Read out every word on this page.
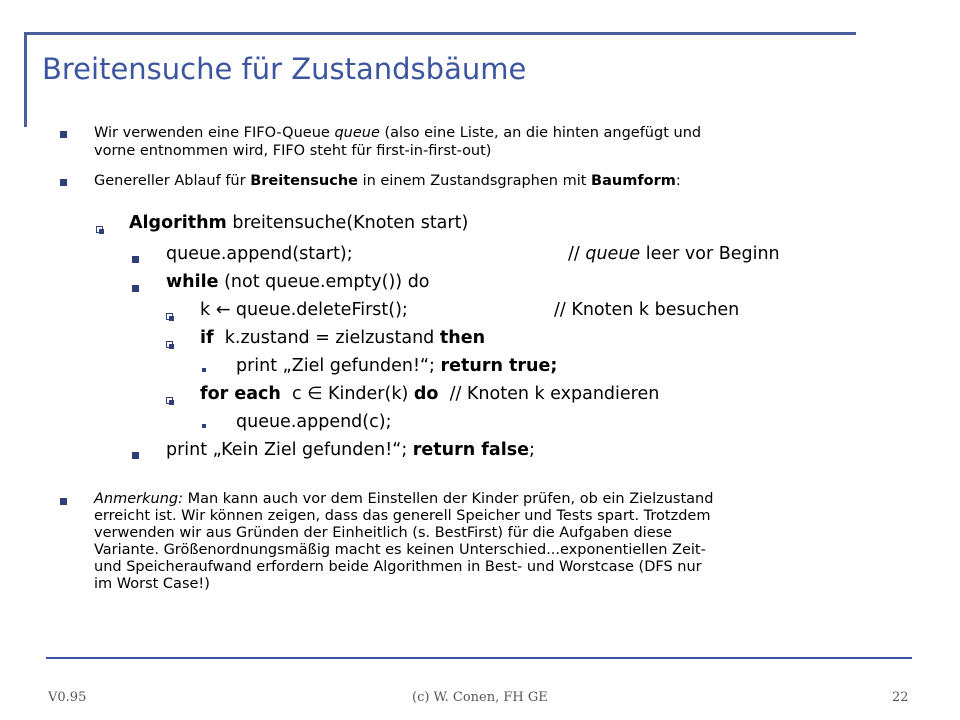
Breitensuche für Zustandsbäume
Wir verwenden eine FIFO-Queue queue (also eine Liste, an die hinten angefügt und
vorne entnommen wird, FIFO steht für first-in-first-out)
Genereller Ablauf für Breitensuche in einem Zustandsgraphen mit Baumform:
Algorithm breitensuche(Knoten start)
queue.append(start);	// queue leer vor Beginn
while (not queue.empty()) do
k ← queue.deleteFirst();	// Knoten k besuchen
if k.zustand = zielzustand then
print „Ziel gefunden!“; return true;
for each c ∈ Kinder(k) do // Knoten k expandieren
queue.append(c);
print „Kein Ziel gefunden!“; return false;
Anmerkung: Man kann auch vor dem Einstellen der Kinder prüfen, ob ein Zielzustand
erreicht ist. Wir können zeigen, dass das generell Speicher und Tests spart. Trotzdem
verwenden wir aus Gründen der Einheitlich (s. BestFirst) für die Aufgaben diese
Variante. Größenordnungsmäßig macht es keinen Unterschied...exponentiellen Zeit-
und Speicheraufwand erfordern beide Algorithmen in Best- und Worstcase (DFS nur
im Worst Case!)
V0.95	(c) W. Conen, FH GE	22
